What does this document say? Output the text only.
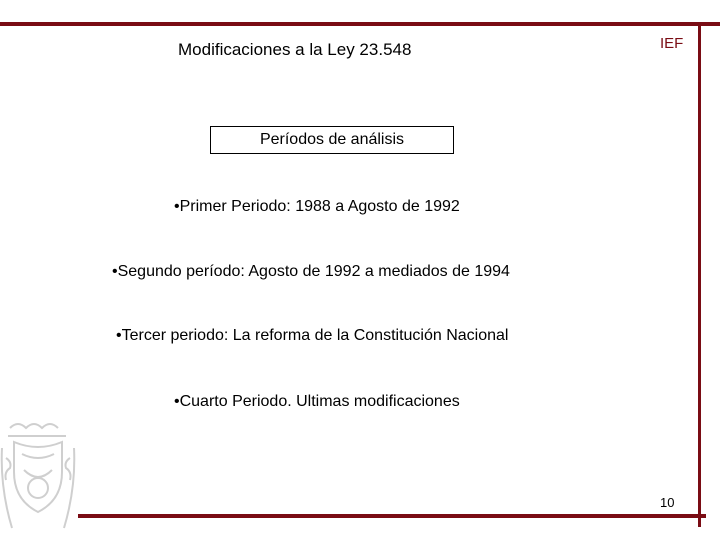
Modificaciones a la Ley 23.548	IEF
Períodos de análisis
•Primer Periodo: 1988 a Agosto de 1992
•Segundo período: Agosto de 1992 a mediados de 1994
•Tercer periodo: La reforma de la Constitución Nacional
•Cuarto Periodo. Ultimas modificaciones
10
